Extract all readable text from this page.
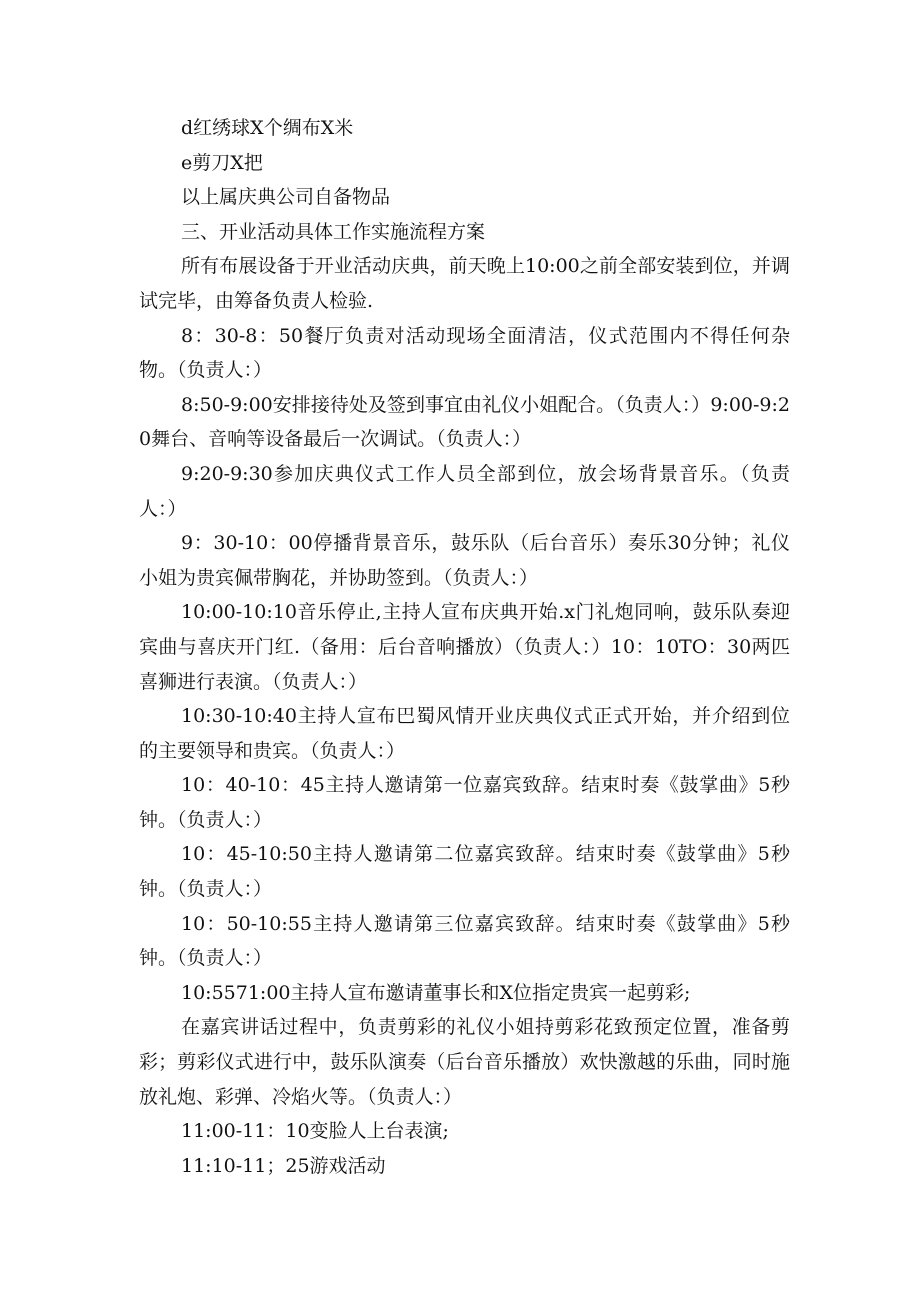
d红绣球X个绸布X米

e剪刀X把

以上属庆典公司自备物品

三、开业活动具体工作实施流程方案

所有布展设备于开业活动庆典，前天晚上10:00之前全部安装到位，并调试完毕，由筹备负责人检验.

8：30-8：50餐厅负责对活动现场全面清洁，仪式范围内不得任何杂物。（负责人：）

8:50-9:00安排接待处及签到事宜由礼仪小姐配合。（负责人：）9:00-9:20舞台、音响等设备最后一次调试。（负责人：）

9:20-9:30参加庆典仪式工作人员全部到位，放会场背景音乐。（负责人：）

9：30-10：00停播背景音乐，鼓乐队（后台音乐）奏乐30分钟；礼仪小姐为贵宾佩带胸花，并协助签到。（负责人：）

10:00-10:10音乐停止,主持人宣布庆典开始.x门礼炮同响，鼓乐队奏迎宾曲与喜庆开门红.（备用：后台音响播放）（负责人：）10：10TO：30两匹喜狮进行表演。（负责人：）

10:30-10:40主持人宣布巴蜀风情开业庆典仪式正式开始，并介绍到位的主要领导和贵宾。（负责人：）

10：40-10：45主持人邀请第一位嘉宾致辞。结束时奏《鼓掌曲》5秒钟。（负责人：）

10：45-10:50主持人邀请第二位嘉宾致辞。结束时奏《鼓掌曲》5秒钟。（负责人：）

10：50-10:55主持人邀请第三位嘉宾致辞。结束时奏《鼓掌曲》5秒钟。（负责人：）

10:5571:00主持人宣布邀请董事长和X位指定贵宾一起剪彩;

在嘉宾讲话过程中，负责剪彩的礼仪小姐持剪彩花致预定位置，准备剪彩；剪彩仪式进行中，鼓乐队演奏（后台音乐播放）欢快激越的乐曲，同时施放礼炮、彩弹、冷焰火等。（负责人：）

11:00-11：10变脸人上台表演;

11:10-11；25游戏活动
